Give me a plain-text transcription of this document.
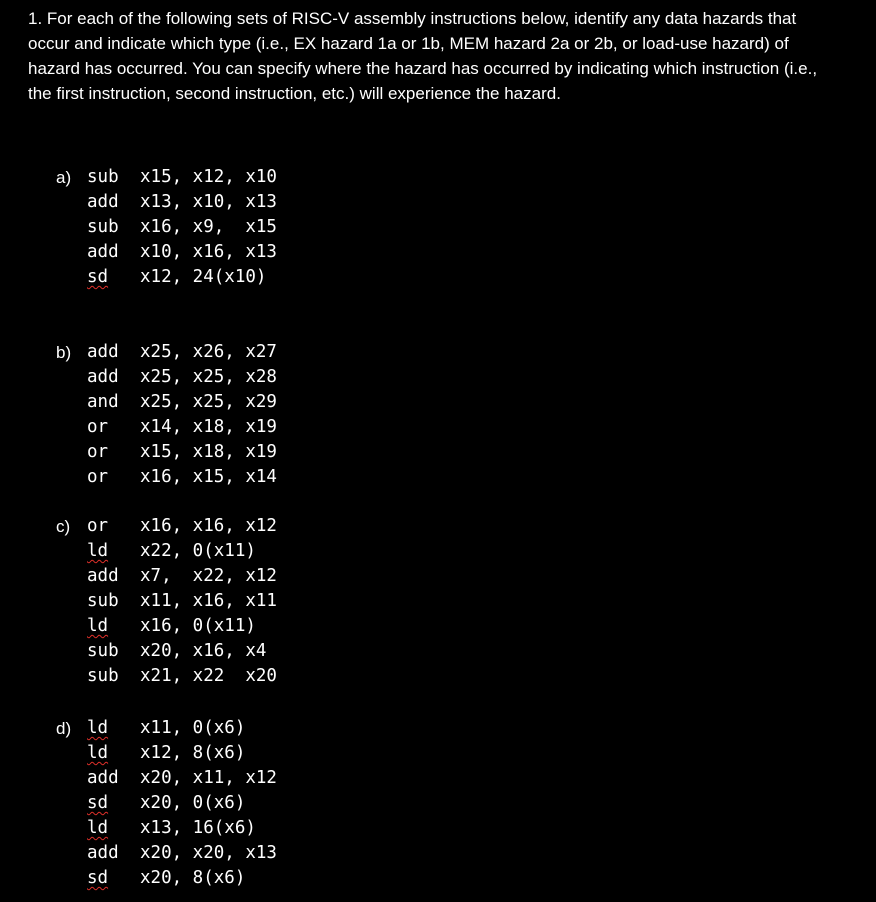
1. For each of the following sets of RISC-V assembly instructions below, identify any data hazards that occur and indicate which type (i.e., EX hazard 1a or 1b, MEM hazard 2a or 2b, or load-use hazard) of hazard has occurred. You can specify where the hazard has occurred by indicating which instruction (i.e., the first instruction, second instruction, etc.) will experience the hazard.

a) sub x15, x12, x10
add x13, x10, x13
sub x16, x9,  x15
add x10, x16, x13
sd x12, 24(x10)
b) add x25, x26, x27
add x25, x25, x28
and x25, x25, x29
or x14, x18, x19
or x15, x18, x19
or x16, x15, x14
c) or x16, x16, x12
ld x22, 0(x11)
add x7,  x22, x12
sub x11, x16, x11
ld x16, 0(x11)
sub x20, x16, x4
sub x21, x22  x20
d) ld x11, 0(x6)
ld x12, 8(x6)
add x20, x11, x12
sd x20, 0(x6)
ld x13, 16(x6)
add x20, x20, x13
sd x20, 8(x6)
